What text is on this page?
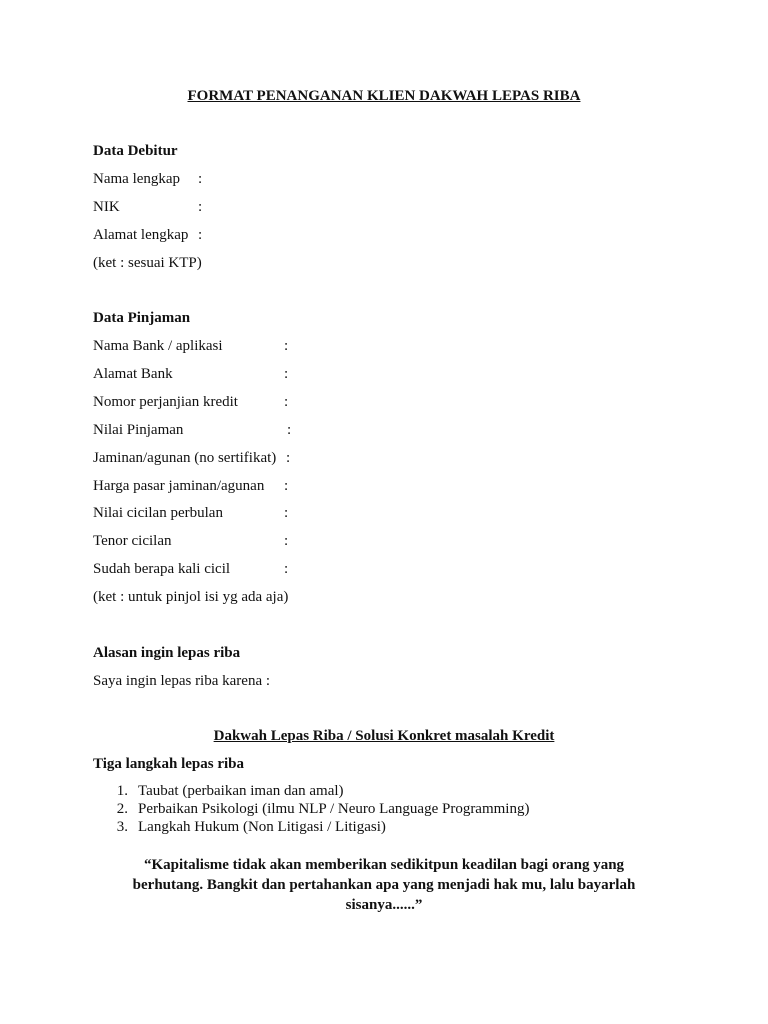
FORMAT PENANGANAN KLIEN DAKWAH LEPAS RIBA
Data Debitur
Nama lengkap :
NIK	:
Alamat lengkap :
(ket : sesuai KTP)
Data Pinjaman
Nama Bank / aplikasi	:
Alamat Bank	:
Nomor perjanjian kredit	:
Nilai Pinjaman	:
Jaminan/agunan (no sertifikat) :
Harga pasar jaminan/agunan :
Nilai cicilan perbulan	:
Tenor cicilan	:
Sudah berapa kali cicil	:
(ket : untuk pinjol isi yg ada aja)
Alasan ingin lepas riba
Saya ingin lepas riba karena :
Dakwah Lepas Riba / Solusi Konkret masalah Kredit
Tiga langkah lepas riba
1. Taubat (perbaikan iman dan amal)
2. Perbaikan Psikologi (ilmu NLP / Neuro Language Programming)
3. Langkah Hukum (Non Litigasi / Litigasi)
“Kapitalisme tidak akan memberikan sedikitpun keadilan bagi orang yang berhutang. Bangkit dan pertahankan apa yang menjadi hak mu, lalu bayarlah sisanya......”
